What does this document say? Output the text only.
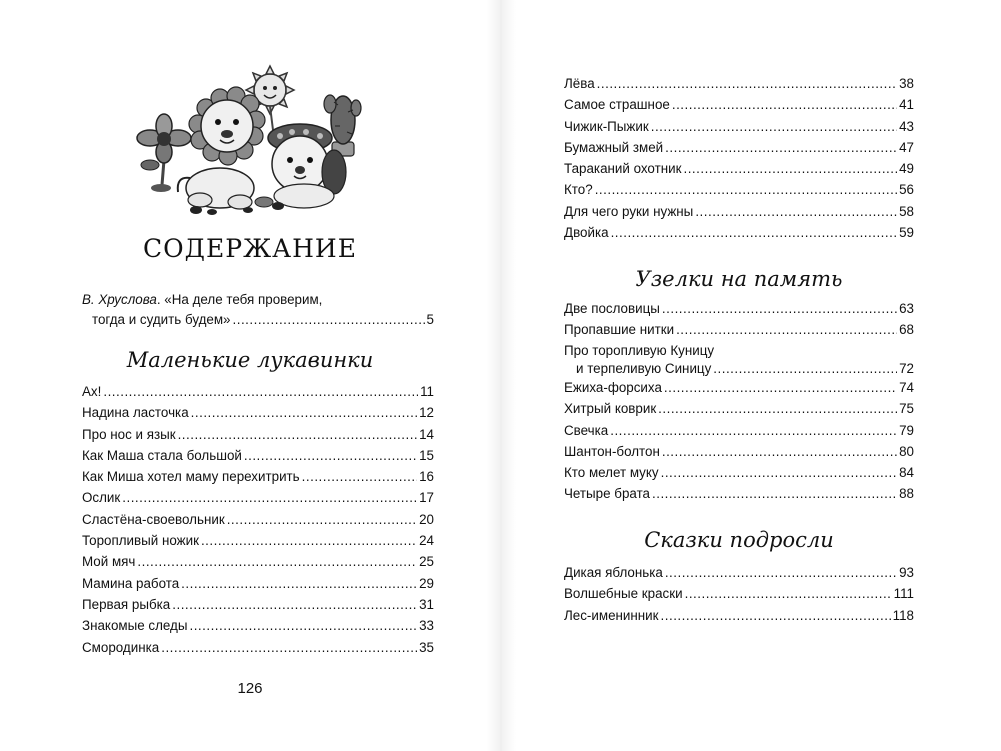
СОДЕРЖАНИЕ
В. Хруслова. «На деле тебя проверим,
тогда и судить будем» .....	5
Маленькие лукавинки
Ах! .....	11
Надина ласточка .....	12
Про нос и язык .....	14
Как Маша стала большой .....	15
Как Миша хотел маму перехитрить .....	16
Ослик .....	17
Сластёна-своевольник .....	20
Торопливый ножик .....	24
Мой мяч .....	25
Мамина работа .....	29
Первая рыбка .....	31
Знакомые следы .....	33
Смородинка .....	35
126
Лёва .....	38
Самое страшное .....	41
Чижик-Пыжик .....	43
Бумажный змей .....	47
Тараканий охотник .....	49
Кто? .....	56
Для чего руки нужны .....	58
Двойка .....	59
Узелки на память
Две пословицы .....	63
Пропавшие нитки .....	68
Про торопливую Куницу
и терпеливую Синицу .....	72
Ежиха-форсиха .....	74
Хитрый коврик .....	75
Свечка .....	79
Шантон-болтон .....	80
Кто мелет муку .....	84
Четыре брата .....	88
Сказки подросли
Дикая яблонька .....	93
Волшебные краски .....	111
Лес-именинник .....	118
